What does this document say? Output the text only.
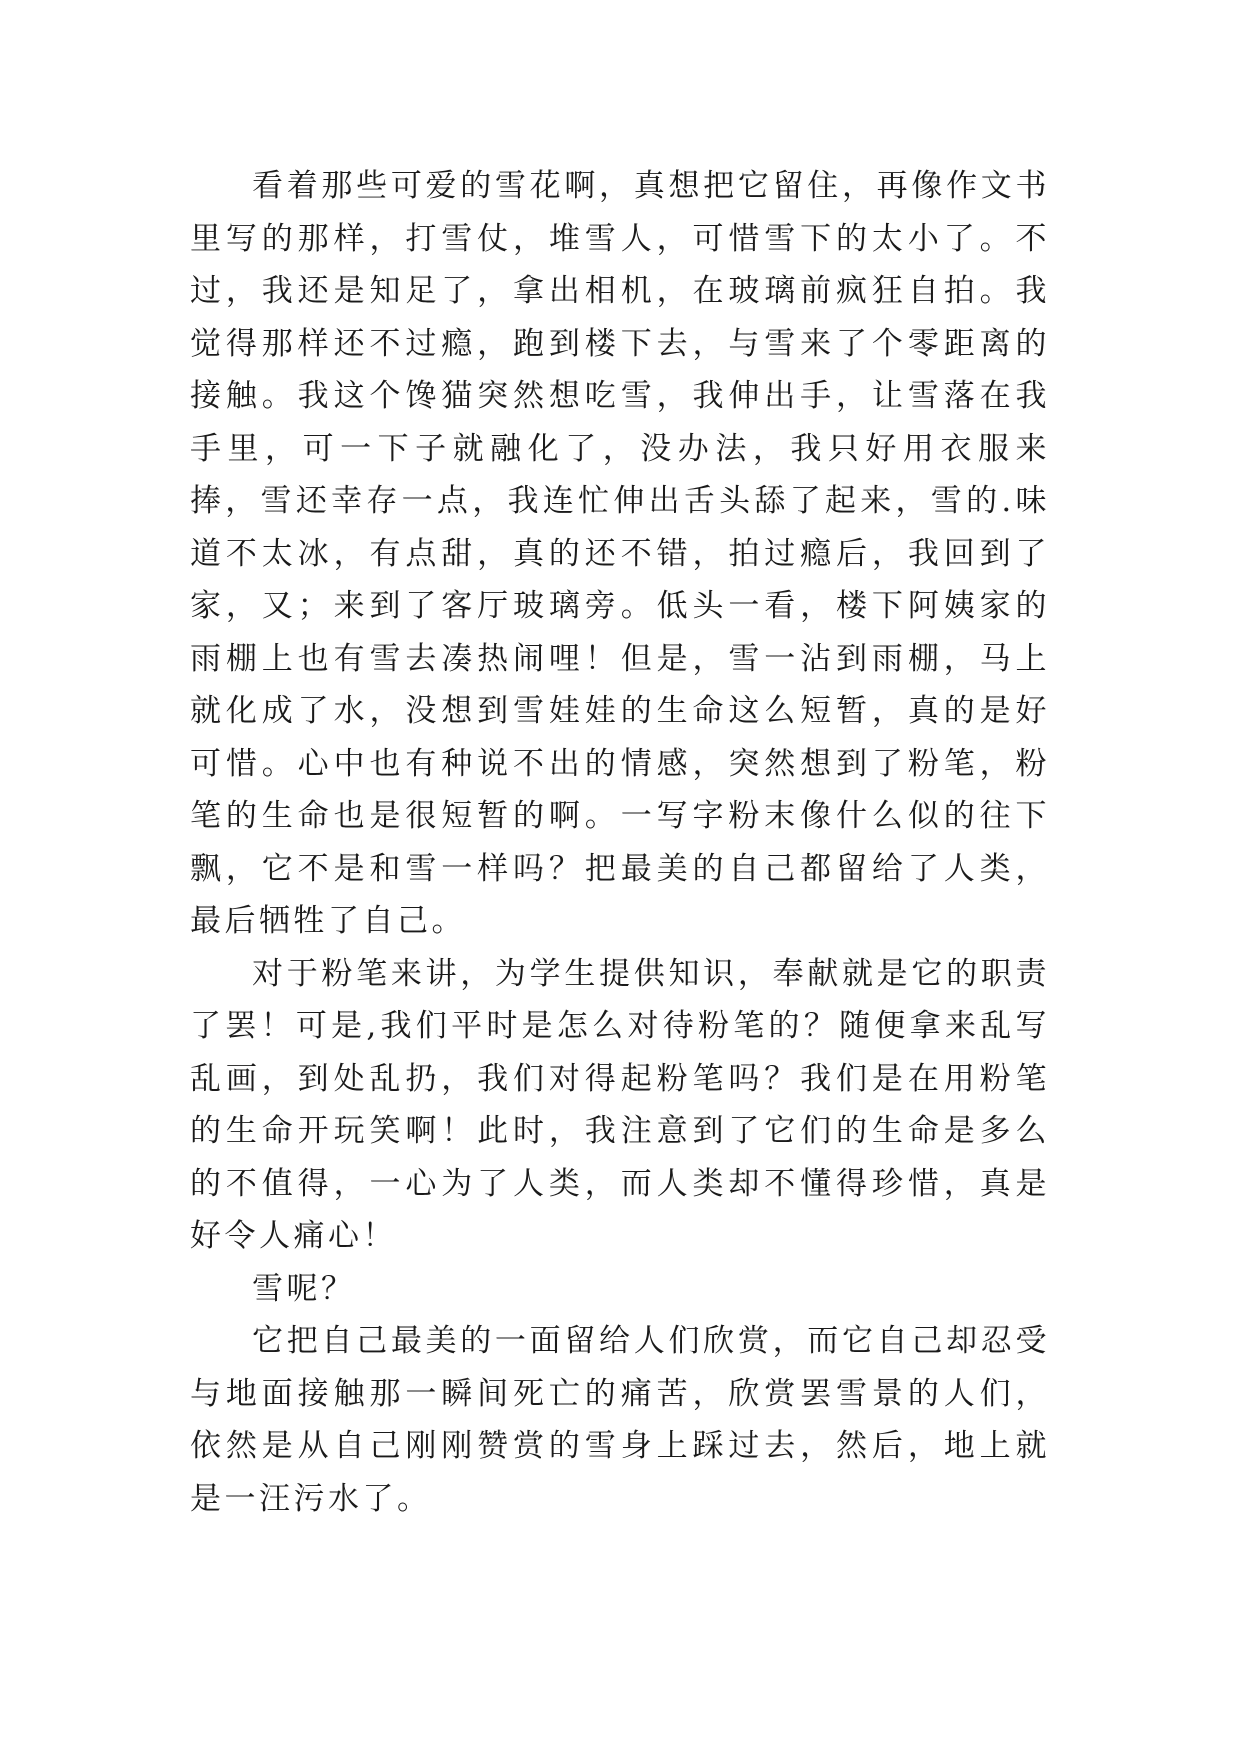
看着那些可爱的雪花啊，真想把它留住，再像作文书里写的那样，打雪仗，堆雪人，可惜雪下的太小了。不过，我还是知足了，拿出相机，在玻璃前疯狂自拍。我觉得那样还不过瘾，跑到楼下去，与雪来了个零距离的接触。我这个馋猫突然想吃雪，我伸出手，让雪落在我手里，可一下子就融化了，没办法，我只好用衣服来捧，雪还幸存一点，我连忙伸出舌头舔了起来，雪的.味道不太冰，有点甜，真的还不错，拍过瘾后，我回到了家，又；来到了客厅玻璃旁。低头一看，楼下阿姨家的雨棚上也有雪去凑热闹哩！但是，雪一沾到雨棚，马上就化成了水，没想到雪娃娃的生命这么短暂，真的是好可惜。心中也有种说不出的情感，突然想到了粉笔，粉笔的生命也是很短暂的啊。一写字粉末像什么似的往下飘，它不是和雪一样吗？把最美的自己都留给了人类，最后牺牲了自己。

对于粉笔来讲，为学生提供知识，奉献就是它的职责了罢！可是,我们平时是怎么对待粉笔的？随便拿来乱写乱画，到处乱扔，我们对得起粉笔吗？我们是在用粉笔的生命开玩笑啊！此时，我注意到了它们的生命是多么的不值得，一心为了人类，而人类却不懂得珍惜，真是好令人痛心！

雪呢？

它把自己最美的一面留给人们欣赏，而它自己却忍受与地面接触那一瞬间死亡的痛苦，欣赏罢雪景的人们，依然是从自己刚刚赞赏的雪身上踩过去，然后，地上就是一汪污水了。
